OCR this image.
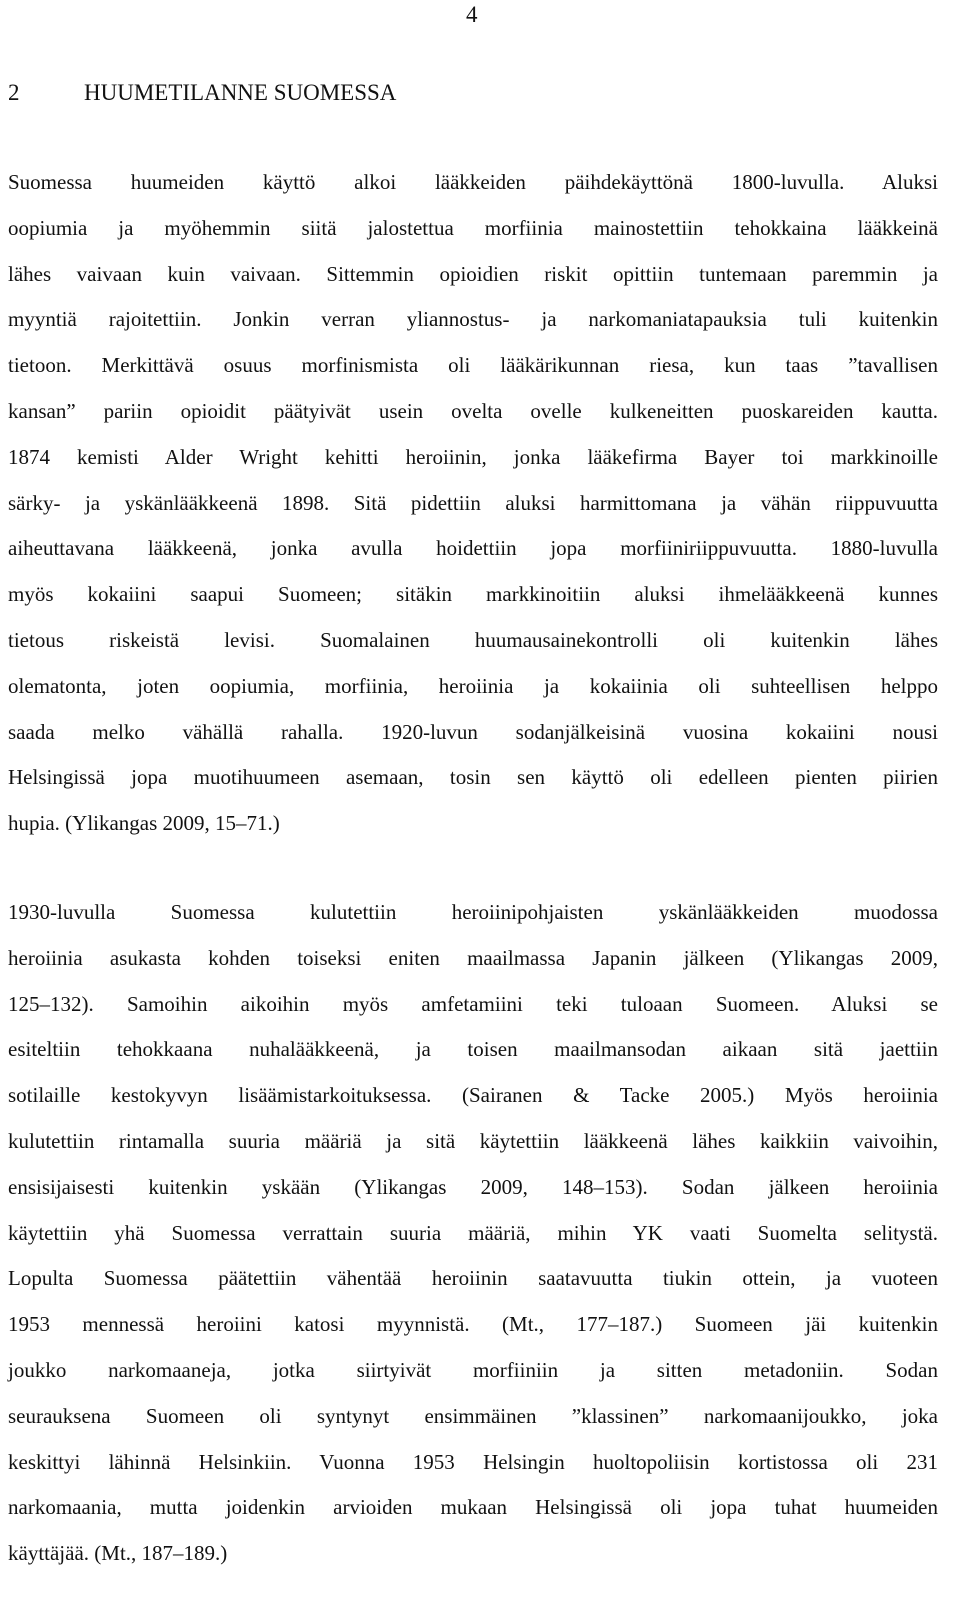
4
2	HUUMETILANNE SUOMESSA
Suomessa huumeiden käyttö alkoi lääkkeiden päihdekäyttönä 1800-luvulla. Aluksi
oopiumia ja myöhemmin siitä jalostettua morfiinia mainostettiin tehokkaina lääkkeinä
lähes vaivaan kuin vaivaan. Sittemmin opioidien riskit opittiin tuntemaan paremmin ja
myyntiä rajoitettiin. Jonkin verran yliannostus- ja narkomaniatapauksia tuli kuitenkin
tietoon. Merkittävä osuus morfinismista oli lääkärikunnan riesa, kun taas ”tavallisen
kansan” pariin opioidit päätyivät usein ovelta ovelle kulkeneitten puoskareiden kautta.
1874 kemisti Alder Wright kehitti heroiinin, jonka lääkefirma Bayer toi markkinoille
särky- ja yskänlääkkeenä 1898. Sitä pidettiin aluksi harmittomana ja vähän riippuvuutta
aiheuttavana lääkkeenä, jonka avulla hoidettiin jopa morfiiniriippuvuutta. 1880-luvulla
myös kokaiini saapui Suomeen; sitäkin markkinoitiin aluksi ihmelääkkeenä kunnes
tietous riskeistä levisi. Suomalainen huumausainekontrolli oli kuitenkin lähes
olematonta, joten oopiumia, morfiinia, heroiinia ja kokaiinia oli suhteellisen helppo
saada melko vähällä rahalla. 1920-luvun sodanjälkeisinä vuosina kokaiini nousi
Helsingissä jopa muotihuumeen asemaan, tosin sen käyttö oli edelleen pienten piirien
hupia. (Ylikangas 2009, 15–71.)
1930-luvulla Suomessa kulutettiin heroiinipohjaisten yskänlääkkeiden muodossa
heroiinia asukasta kohden toiseksi eniten maailmassa Japanin jälkeen (Ylikangas 2009,
125–132). Samoihin aikoihin myös amfetamiini teki tuloaan Suomeen. Aluksi se
esiteltiin tehokkaana nuhalääkkeenä, ja toisen maailmansodan aikaan sitä jaettiin
sotilaille kestokyvyn lisäämistarkoituksessa. (Sairanen & Tacke 2005.) Myös heroiinia
kulutettiin rintamalla suuria määriä ja sitä käytettiin lääkkeenä lähes kaikkiin vaivoihin,
ensisijaisesti kuitenkin yskään (Ylikangas 2009, 148–153). Sodan jälkeen heroiinia
käytettiin yhä Suomessa verrattain suuria määriä, mihin YK vaati Suomelta selitystä.
Lopulta Suomessa päätettiin vähentää heroiinin saatavuutta tiukin ottein, ja vuoteen
1953 mennessä heroiini katosi myynnistä. (Mt., 177–187.) Suomeen jäi kuitenkin
joukko narkomaaneja, jotka siirtyivät morfiiniin ja sitten metadoniin. Sodan
seurauksena Suomeen oli syntynyt ensimmäinen ”klassinen” narkomaanijoukko, joka
keskittyi lähinnä Helsinkiin. Vuonna 1953 Helsingin huoltopoliisin kortistossa oli 231
narkomaania, mutta joidenkin arvioiden mukaan Helsingissä oli jopa tuhat huumeiden
käyttäjää. (Mt., 187–189.)
